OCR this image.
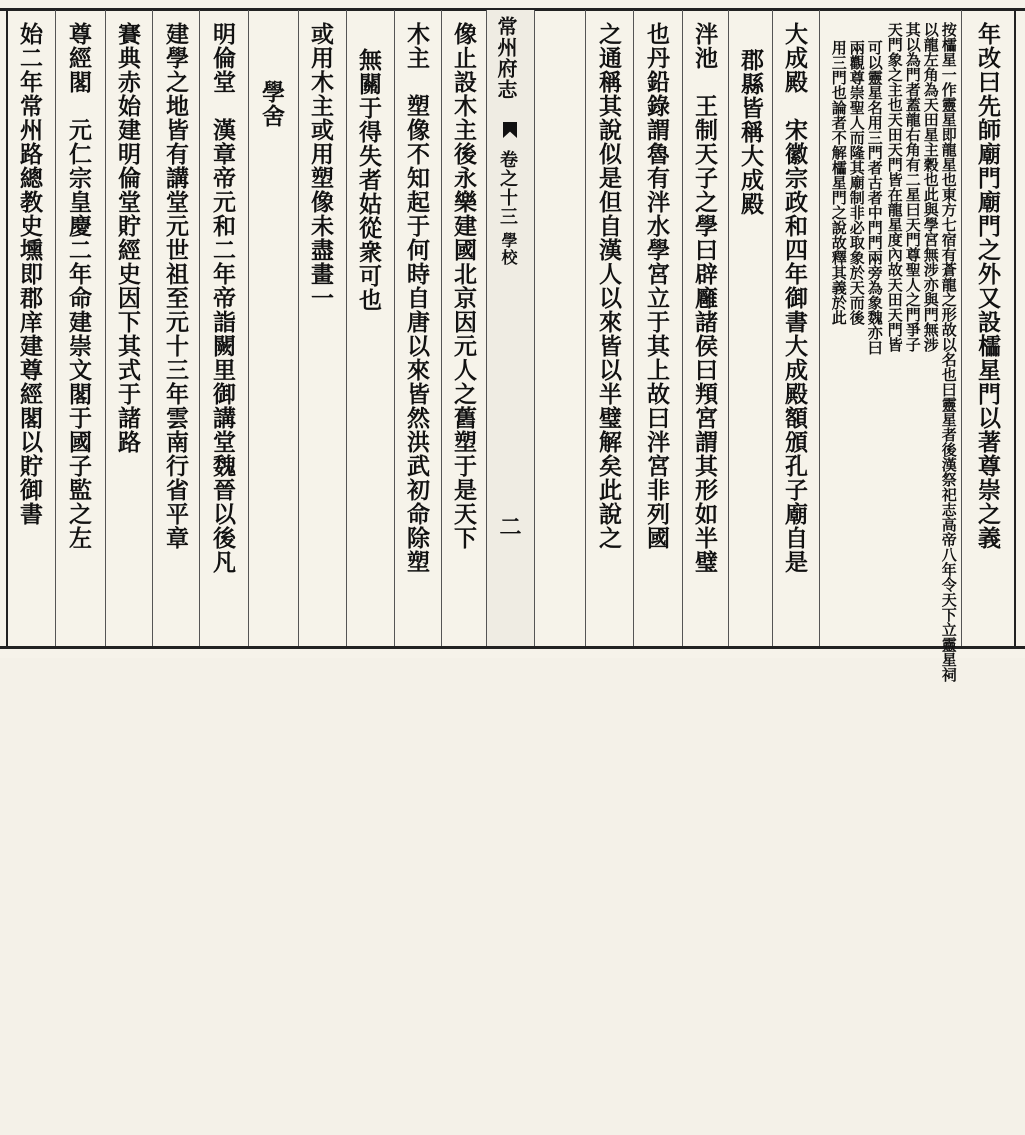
常州府志
卷之十三
學校
二	年改曰先師廟門廟門之外又設櫺星門以著尊崇之義
按櫺星一作靈星即龍星也東方七宿有蒼龍之形故以名也曰靈星者後漢祭祀志高帝八年令天下立靈星祠
以龍左角為天田星主穀也此與學宮無涉亦與門無涉
其以為門者蓋龍右角有二星曰天門尊聖人之門爭子
天門象之主也天田天門皆在龍星度內故天田天門皆
可以靈星名用三門者古者中門門兩旁為象魏亦曰
兩觀尊崇聖人而隆其廟制非必取象於天而後
用三門也論者不解櫺星門之說故釋其義於此
大成殿　宋徽宗政和四年御書大成殿額頒孔子廟自是
郡縣皆稱大成殿
泮池　王制天子之學曰辟廱諸侯曰頖宮謂其形如半璧
也丹鉛錄謂魯有泮水學宮立于其上故曰泮宮非列國
之通稱其說似是但自漢人以來皆以半璧解矣此說之
像止設木主後永樂建國北京因元人之舊塑于是天下
木主　塑像不知起于何時自唐以來皆然洪武初命除塑
無關于得失者姑從衆可也
或用木主或用塑像未盡畫一
學舍
明倫堂　漢章帝元和二年帝詣闕里御講堂魏晉以後凡
建學之地皆有講堂元世祖至元十三年雲南行省平章
賽典赤始建明倫堂貯經史因下其式于諸路
尊經閣　元仁宗皇慶二年命建崇文閣于國子監之左
始二年常州路總教史壎即郡庠建尊經閣以貯御書
